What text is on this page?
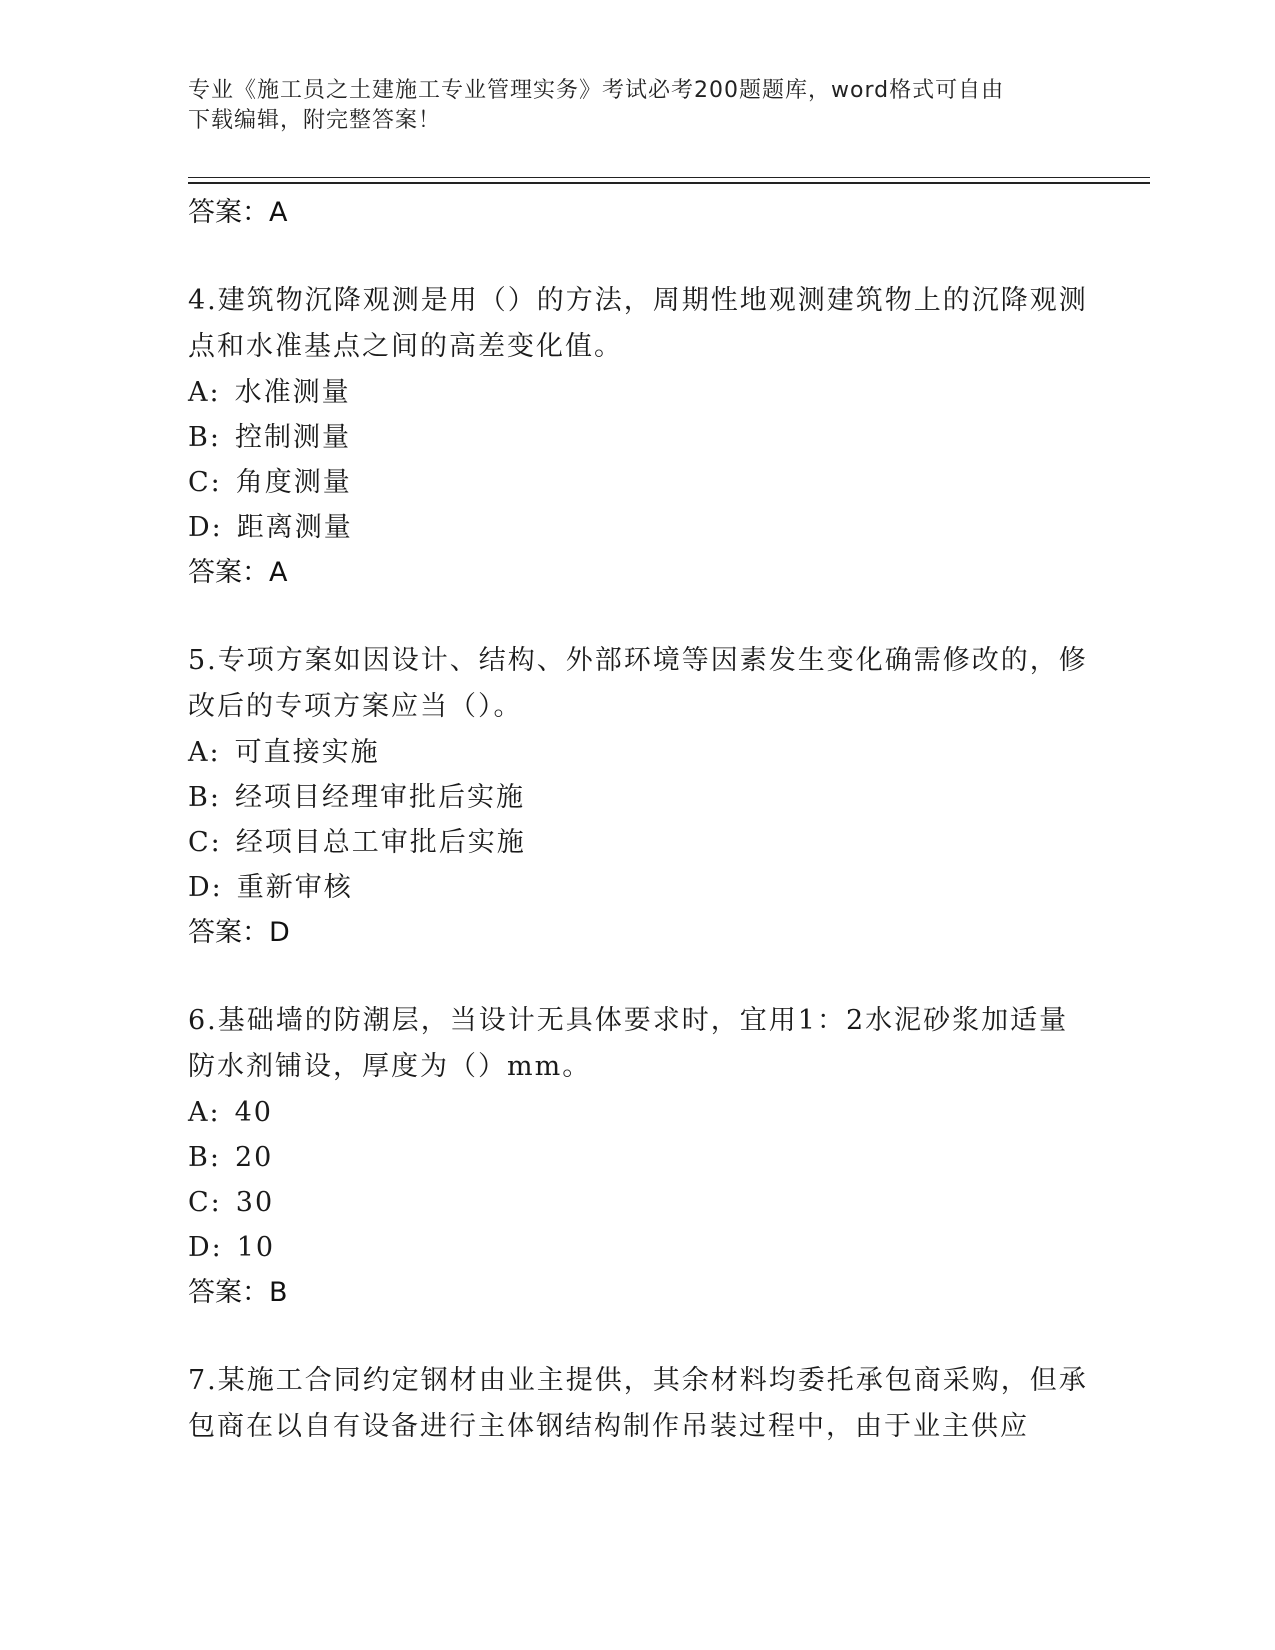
专业《施工员之土建施工专业管理实务》考试必考200题题库，word格式可自由
下载编辑，附完整答案！
答案：A
4.建筑物沉降观测是用（）的方法，周期性地观测建筑物上的沉降观测点和水准基点之间的高差变化值。
A: 水准测量
B: 控制测量
C: 角度测量
D: 距离测量
答案：A
5.专项方案如因设计、结构、外部环境等因素发生变化确需修改的，修改后的专项方案应当（）。
A: 可直接实施
B: 经项目经理审批后实施
C: 经项目总工审批后实施
D: 重新审核
答案：D
6.基础墙的防潮层，当设计无具体要求时，宜用1：2水泥砂浆加适量防水剂铺设，厚度为（）mm。
A: 40
B: 20
C: 30
D: 10
答案：B
7.某施工合同约定钢材由业主提供，其余材料均委托承包商采购，但承包商在以自有设备进行主体钢结构制作吊装过程中，由于业主供应
